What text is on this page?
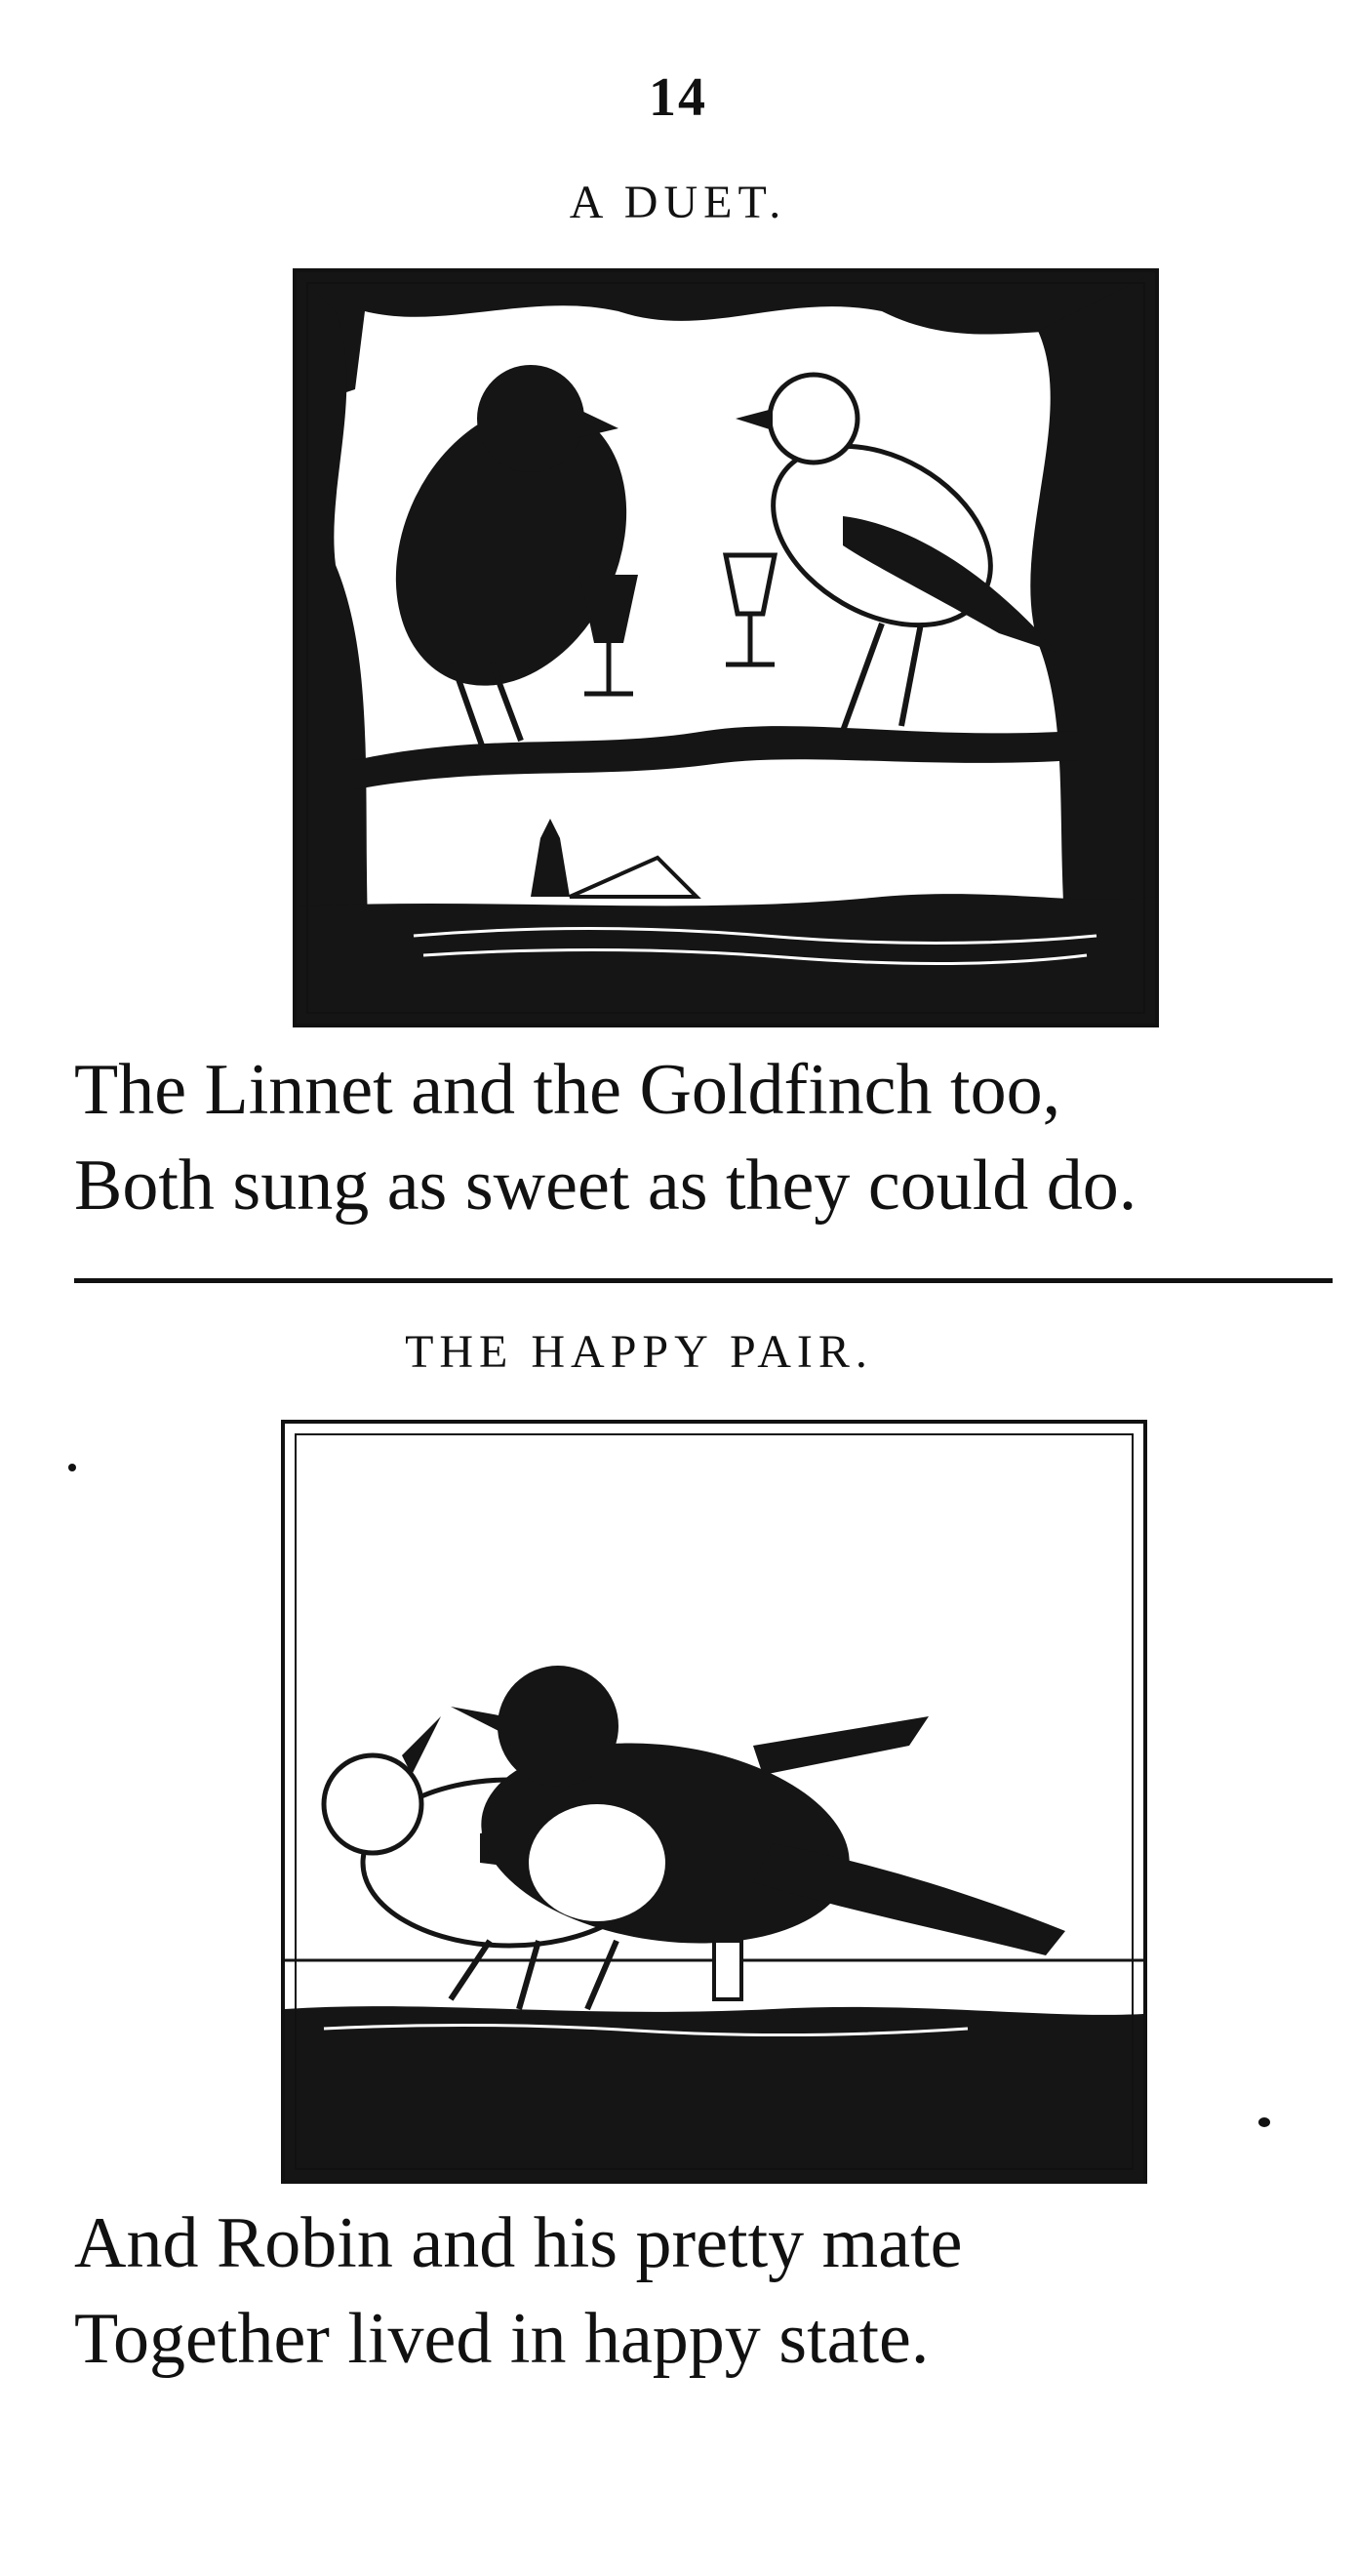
14
A DUET.
The Linnet and the Goldfinch too,
Both sung as sweet as they could do.
THE HAPPY PAIR.
And Robin and his pretty mate
Together lived in happy state.
